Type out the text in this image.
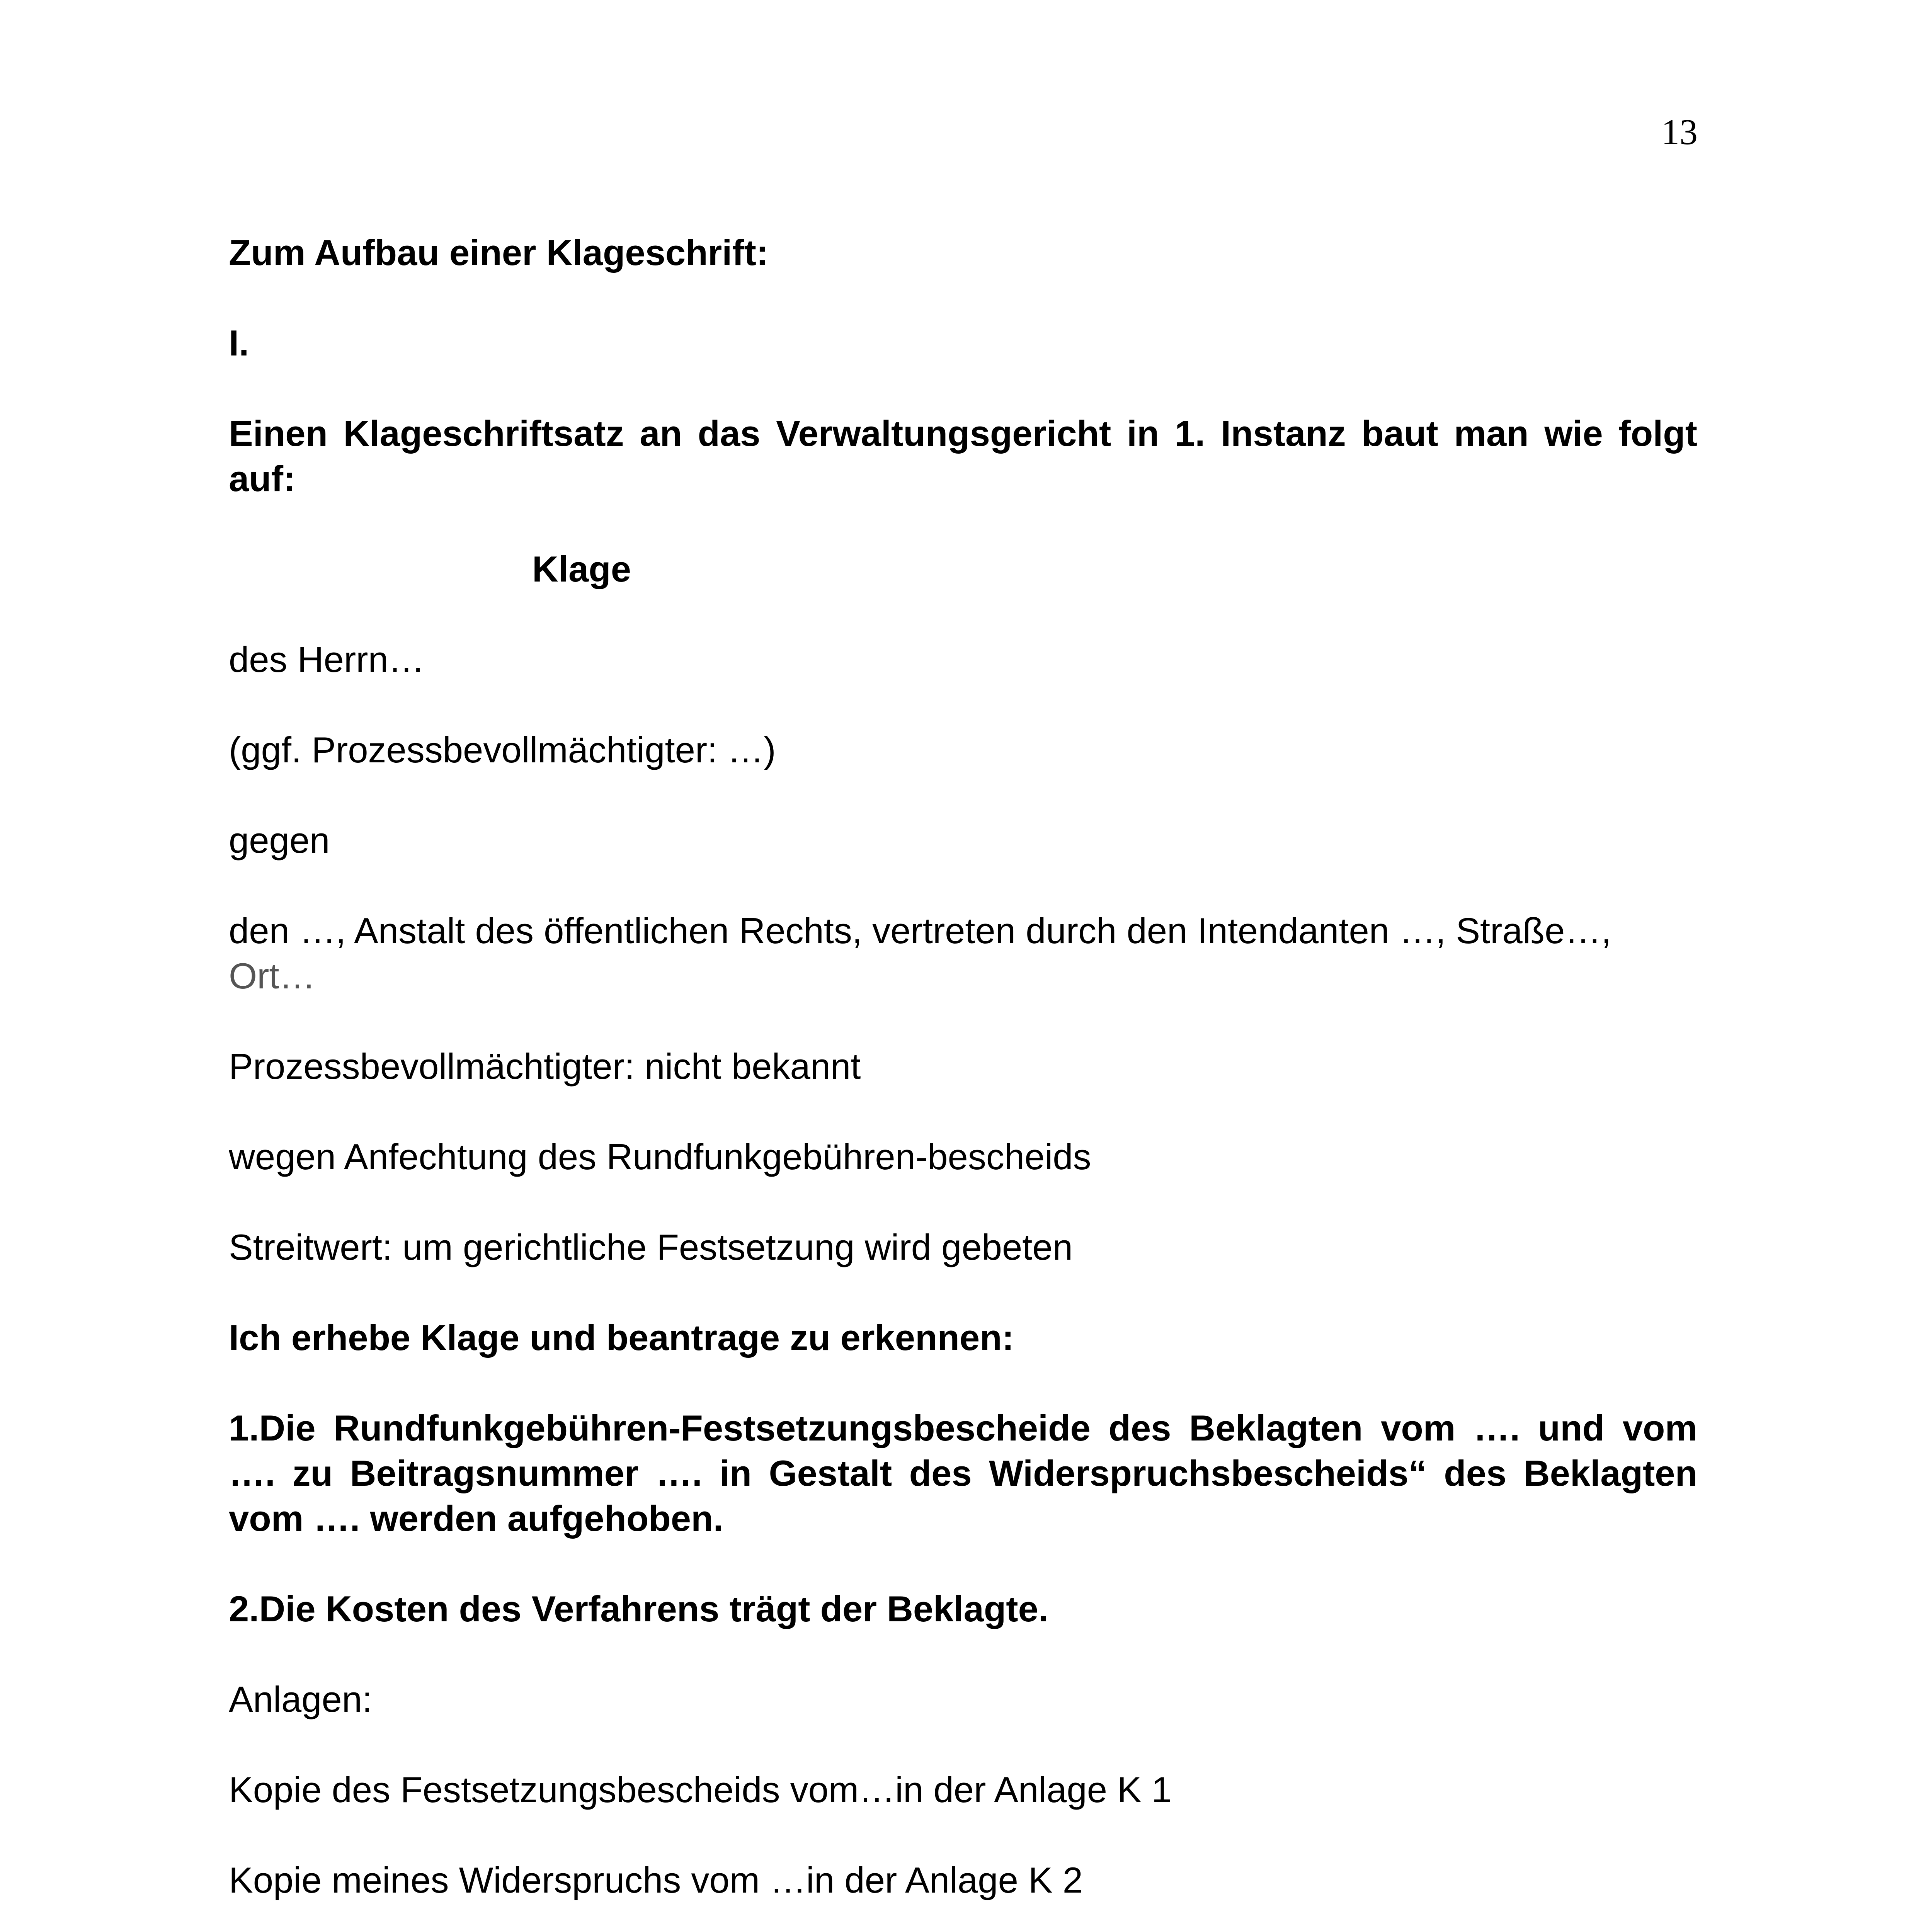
13

Zum Aufbau einer Klageschrift:

I.

Einen Klageschriftsatz an das Verwaltungsgericht in 1. Instanz baut man wie folgt auf:

Klage

des Herrn…

(ggf. Prozessbevollmächtigter: …)

gegen

den …, Anstalt des öffentlichen Rechts, vertreten durch den Intendanten …, Straße…,

Ort…

Prozessbevollmächtigter: nicht bekannt

wegen Anfechtung des Rundfunkgebühren-bescheids

Streitwert: um gerichtliche Festsetzung wird gebeten

Ich erhebe Klage und beantrage zu erkennen:

1.Die Rundfunkgebühren-Festsetzungsbescheide des Beklagten vom …. und vom …. zu Beitragsnummer …. in Gestalt des Widerspruchsbescheids“ des Beklagten vom …. werden aufgehoben.

2.Die Kosten des Verfahrens trägt der Beklagte.

Anlagen:

Kopie des Festsetzungsbescheids vom…in der Anlage K 1

Kopie meines Widerspruchs vom …in der Anlage K 2
